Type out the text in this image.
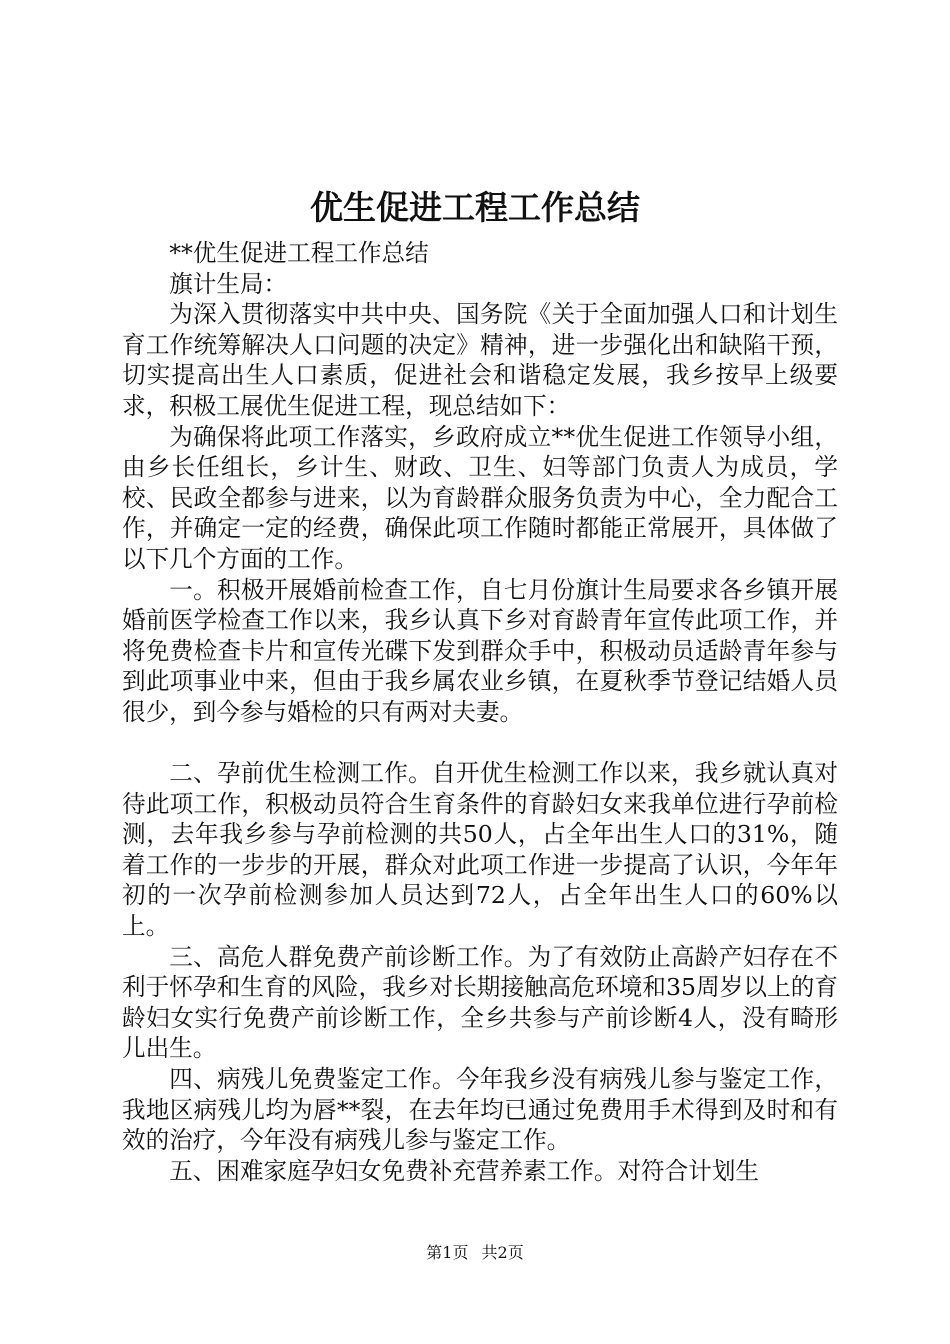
优生促进工程工作总结

**优生促进工程工作总结

旗计生局：

为深入贯彻落实中共中央、国务院《关于全面加强人口和计划生育工作统筹解决人口问题的决定》精神，进一步强化出和缺陷干预，切实提高出生人口素质，促进社会和谐稳定发展，我乡按早上级要求，积极工展优生促进工程，现总结如下：

为确保将此项工作落实，乡政府成立**优生促进工作领导小组，由乡长任组长，乡计生、财政、卫生、妇等部门负责人为成员，学校、民政全都参与进来，以为育龄群众服务负责为中心，全力配合工作，并确定一定的经费，确保此项工作随时都能正常展开，具体做了以下几个方面的工作。

一。积极开展婚前检查工作，自七月份旗计生局要求各乡镇开展婚前医学检查工作以来，我乡认真下乡对育龄青年宣传此项工作，并将免费检查卡片和宣传光碟下发到群众手中，积极动员适龄青年参与到此项事业中来，但由于我乡属农业乡镇，在夏秋季节登记结婚人员很少，到今参与婚检的只有两对夫妻。

二、孕前优生检测工作。自开优生检测工作以来，我乡就认真对待此项工作，积极动员符合生育条件的育龄妇女来我单位进行孕前检测，去年我乡参与孕前检测的共50人，占全年出生人口的31%，随着工作的一步步的开展，群众对此项工作进一步提高了认识，今年年初的一次孕前检测参加人员达到72人，占全年出生人口的60%以上。

三、高危人群免费产前诊断工作。为了有效防止高龄产妇存在不利于怀孕和生育的风险，我乡对长期接触高危环境和35周岁以上的育龄妇女实行免费产前诊断工作，全乡共参与产前诊断4人，没有畸形儿出生。

四、病残儿免费鉴定工作。今年我乡没有病残儿参与鉴定工作，我地区病残儿均为唇**裂，在去年均已通过免费用手术得到及时和有效的治疗，今年没有病残儿参与鉴定工作。

五、困难家庭孕妇女免费补充营养素工作。对符合计划生

第1页 共2页
